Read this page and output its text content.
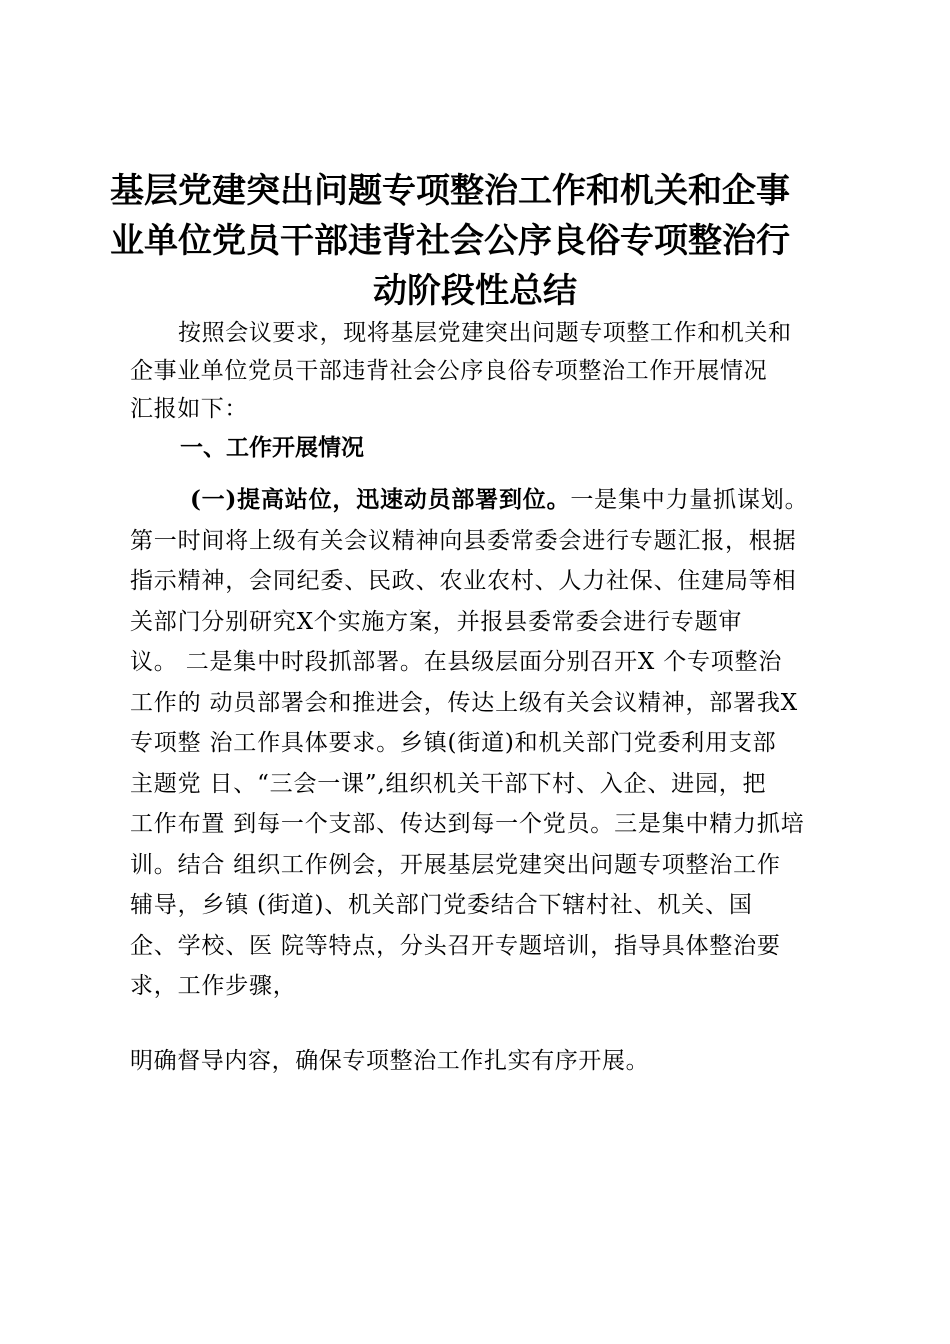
基层党建突出问题专项整治工作和机关和企事
业单位党员干部违背社会公序良俗专项整治行
动阶段性总结
按照会议要求，现将基层党建突出问题专项整工作和机关和
企事业单位党员干部违背社会公序良俗专项整治工作开展情况
汇报如下：
一、工作开展情况
(一)提高站位，迅速动员部署到位。一是集中力量抓谋划。
第一时间将上级有关会议精神向县委常委会进行专题汇报，根据
指示精神，会同纪委、民政、农业农村、人力社保、住建局等相
关部门分别研究X个实施方案，并报县委常委会进行专题审
议。 二是集中时段抓部署。在县级层面分别召开X 个专项整治
工作的 动员部署会和推进会，传达上级有关会议精神，部署我X
专项整 治工作具体要求。乡镇(街道)和机关部门党委利用支部
主题党 日、“三会一课”,组织机关干部下村、入企、进园，把
工作布置 到每一个支部、传达到每一个党员。三是集中精力抓培
训。结合 组织工作例会，开展基层党建突出问题专项整治工作
辅导，乡镇 (街道)、机关部门党委结合下辖村社、机关、国
企、学校、医 院等特点，分头召开专题培训，指导具体整治要
求，工作步骤，
明确督导内容，确保专项整治工作扎实有序开展。
